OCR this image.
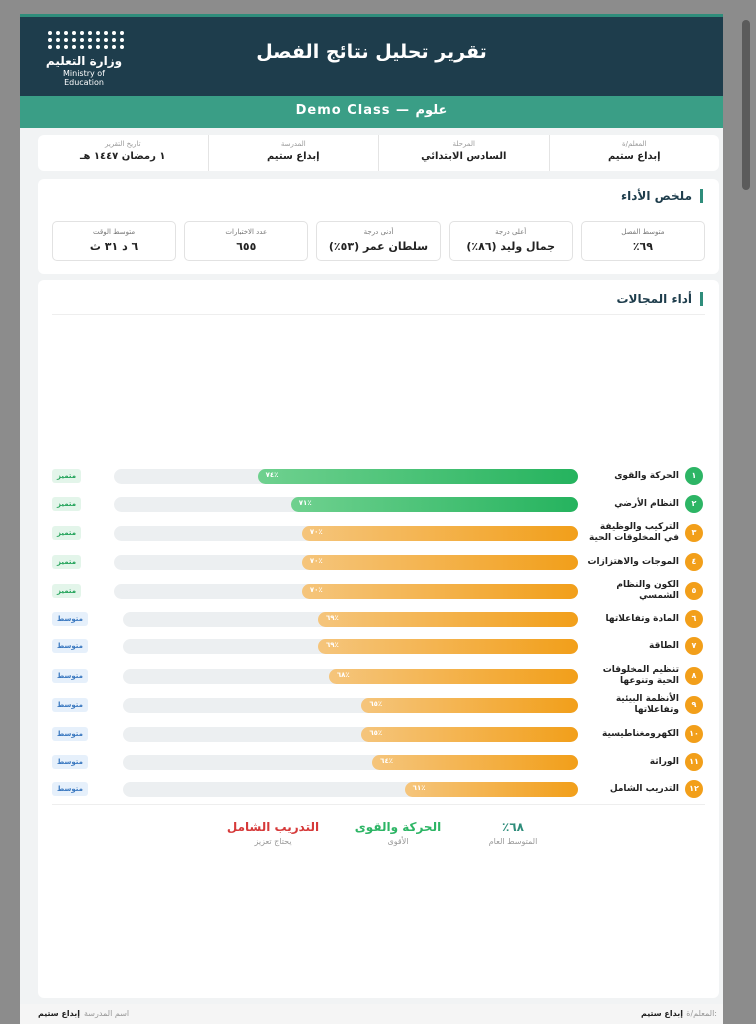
وزارة التعليم
Ministry of Education
تقرير تحليل نتائج الفصل
Demo Class — علوم
المعلم/ة
إبداع ستيم
المرحلة
السادس الابتدائي
المدرسة
إبداع ستيم
تاريخ التقرير
١ رمضان ١٤٤٧ هـ
ملخص الأداء
متوسط الفصل
٦٩٪
أعلى درجة
جمال وليد (٨٦٪)
أدنى درجة
سلطان عمر (٥٣٪)
عدد الاختبارات
٦٥٥
متوسط الوقت
٦ د ٣١ ث
أداء المجالات
١
الحركة والقوى
٧٤٪
متميز
٢
النظام الأرضي
٧١٪
متميز
٣
التركيب والوظيفة في المخلوقات الحية
٧٠٪
متميز
٤
الموجات والاهتزازات
٧٠٪
متميز
٥
الكون والنظام الشمسي
٧٠٪
متميز
٦
المادة وتفاعلاتها
٦٩٪
متوسط
٧
الطاقة
٦٩٪
متوسط
٨
تنظيم المخلوقات الحية وتنوعها
٦٨٪
متوسط
٩
الأنظمة البيئية وتفاعلاتها
٦٥٪
متوسط
١٠
الكهرومغناطيسية
٦٥٪
متوسط
١١
الوراثة
٦٤٪
متوسط
١٢
التدريب الشامل
٦١٪
متوسط
٦٨٪
المتوسط العام
الحركة والقوى
الأقوى
التدريب الشامل
يحتاج تعزيز
المعلم/ة:
إبداع ستيم
اسم المدرسة
إبداع ستيم
